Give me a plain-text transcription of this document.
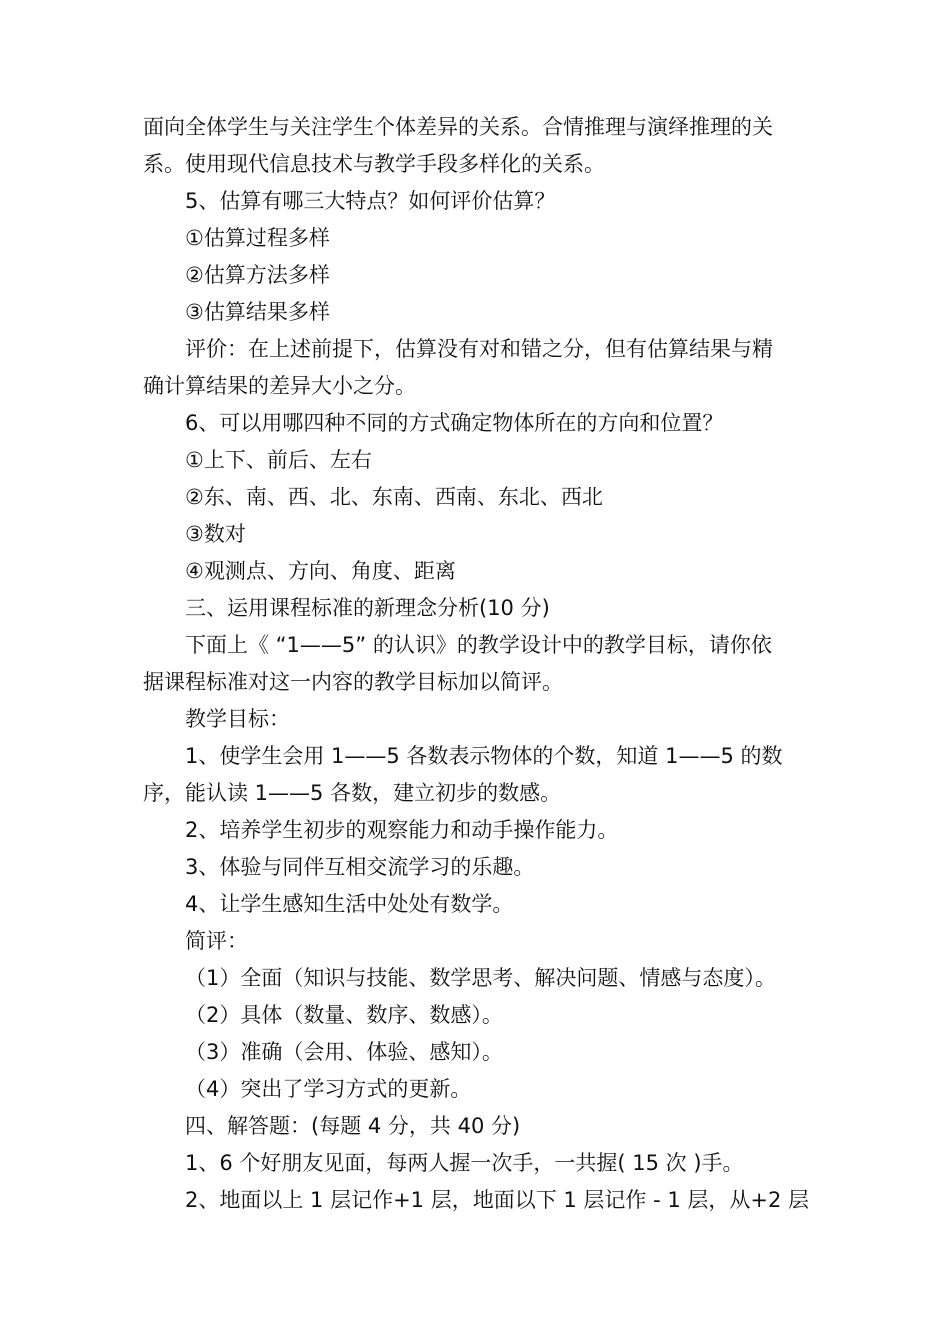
面向全体学生与关注学生个体差异的关系。合情推理与演绎推理的关
系。使用现代信息技术与教学手段多样化的关系。
5、估算有哪三大特点？如何评价估算？
①估算过程多样
②估算方法多样
③估算结果多样
评价：在上述前提下，估算没有对和错之分，但有估算结果与精
确计算结果的差异大小之分。
6、可以用哪四种不同的方式确定物体所在的方向和位置？
①上下、前后、左右
②东、南、西、北、东南、西南、东北、西北
③数对
④观测点、方向、角度、距离
三、运用课程标准的新理念分析(10 分)
下面上《 “1——5” 的认识》的教学设计中的教学目标，请你依
据课程标准对这一内容的教学目标加以简评。
教学目标：
1、使学生会用 1——5 各数表示物体的个数，知道 1——5 的数
序，能认读 1——5 各数，建立初步的数感。
2、培养学生初步的观察能力和动手操作能力。
3、体验与同伴互相交流学习的乐趣。
4、让学生感知生活中处处有数学。
简评：
（1）全面（知识与技能、数学思考、解决问题、情感与态度）。
（2）具体（数量、数序、数感）。
（3）准确（会用、体验、感知）。
（4）突出了学习方式的更新。
四、解答题：(每题 4 分，共 40 分)
1、6 个好朋友见面，每两人握一次手，一共握( 15 次 )手。
2、地面以上 1 层记作+1 层，地面以下 1 层记作 - 1 层，从+2 层
